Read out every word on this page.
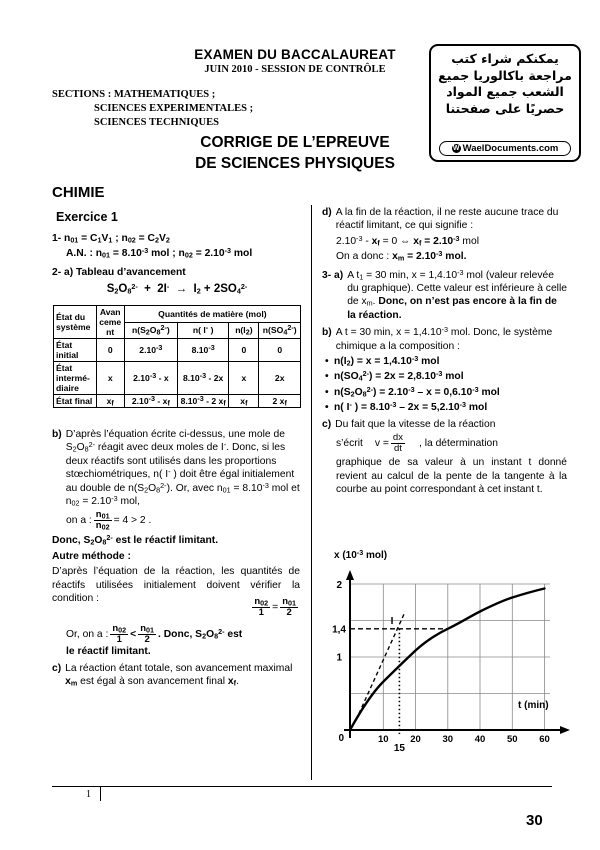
EXAMEN DU BACCALAUREAT
JUIN 2010 - SESSION DE CONTRÔLE
SECTIONS : MATHEMATIQUES ;
SCIENCES EXPERIMENTALES ;
SCIENCES TECHNIQUES
CORRIGE DE L’EPREUVE
DE SCIENCES PHYSIQUES
يمكنكم شراء كتب
مراجعة باكالوريا جميع
الشعب جميع المواد
حصريًا على صفحتنا
W WaelDocuments.com
CHIMIE
Exercice 1
1- $n_{01} = C_1V_1$ ; $n_{02} = C_2V_2$
A.N. : $n_{01} = 8.10^{-3}$ mol ; $n_{02} = 2.10^{-3}$ mol
2- a) Tableau d’avancement
$S_2O_8^{2-} + 2I^- \to I_2 + 2SO_4^{2-}$
État du
système	Avan
ceme
nt	Quantités de matière (mol)			
		$n(S_2O_8^{2-})$	n( I- )	$n(I_2)$	$n(SO_4^{2-})$
État
initial	0	$2.10^{-3}$	$8.10^{-3}$	0	0
État
intermé-
diaire	x	$2.10^{-3}$ - x	$8.10^{-3} - 2x$	x	2x
État final	$x_f$	$2.10^{-3} - x_f$	$8.10^{-3} - 2$ $x_f$	$x_f$	2 $x_f$
b) D’après l’équation écrite ci-dessus, une mole de $S_2O_8^{2-}$ réagit avec deux moles de I-. Donc, si les deux réactifs sont utilisés dans les proportions stœchiométriques, n( I- ) doit être égal initialement au double de $n(S_2O_8^{2-})$. Or, avec $n_{01} = 8.10^{-3}$ mol et $n_{02} = 2.10^{-3}$ mol,
on a : $\frac{n_{01}}{n_{02}} = 4 > 2$ .
Donc, $S_2O_8^{2-}$ est le réactif limitant.
Autre méthode :
D’après l’équation de la réaction, les quantités de réactifs utilisées initialement doivent vérifier la condition :	$\frac{n_{02}}{1} = \frac{n_{01}}{2}$
Or, on a : $\frac{n_{02}}{1} < \frac{n_{01}}{2}$ . Donc, $S_2O_8^{2-}$ est
le réactif limitant.
c) La réaction étant totale, son avancement maximal $x_m$ est égal à son avancement final $x_f$.
d) A la fin de la réaction, il ne reste aucune trace du réactif limitant, ce qui signifie :
$2.10^{-3} - x_f = 0$ ⇔ $x_f = 2.10^{-3}$ mol
On a donc : $x_m = 2.10^{-3}$ mol.
3- a) A $t_1 = 30$ min, $x = 1,4.10^{-3}$ mol (valeur relevée du graphique). Cette valeur est inférieure à celle de $x_m$. Donc, on n’est pas encore à la fin de la réaction.
b) A t = 30 min, $x = 1,4.10^{-3}$ mol. Donc, le système chimique a la composition :
• $n(I_2) = x = 1,4.10^{-3}$ mol
• $n(SO_4^{2-}) = 2x = 2,8.10^{-3}$ mol
• $n(S_2O_8^{2-}) = 2.10^{-3} - x = 0,6.10^{-3}$ mol
• n( I- ) = $8.10^{-3} - 2x = 5,2.10^{-3}$ mol
c) Du fait que la vitesse de la réaction
s’écrit $v = \frac{dx}{dt}$ , la détermination
graphique de sa valeur à un instant t donné revient au calcul de la pente de la tangente à la courbe au point correspondant à cet instant t.
x ($10^{-3}$ mol)
t (min)
2
1,4
1
0	10 20 30 40 50 60
15
I
1
30
